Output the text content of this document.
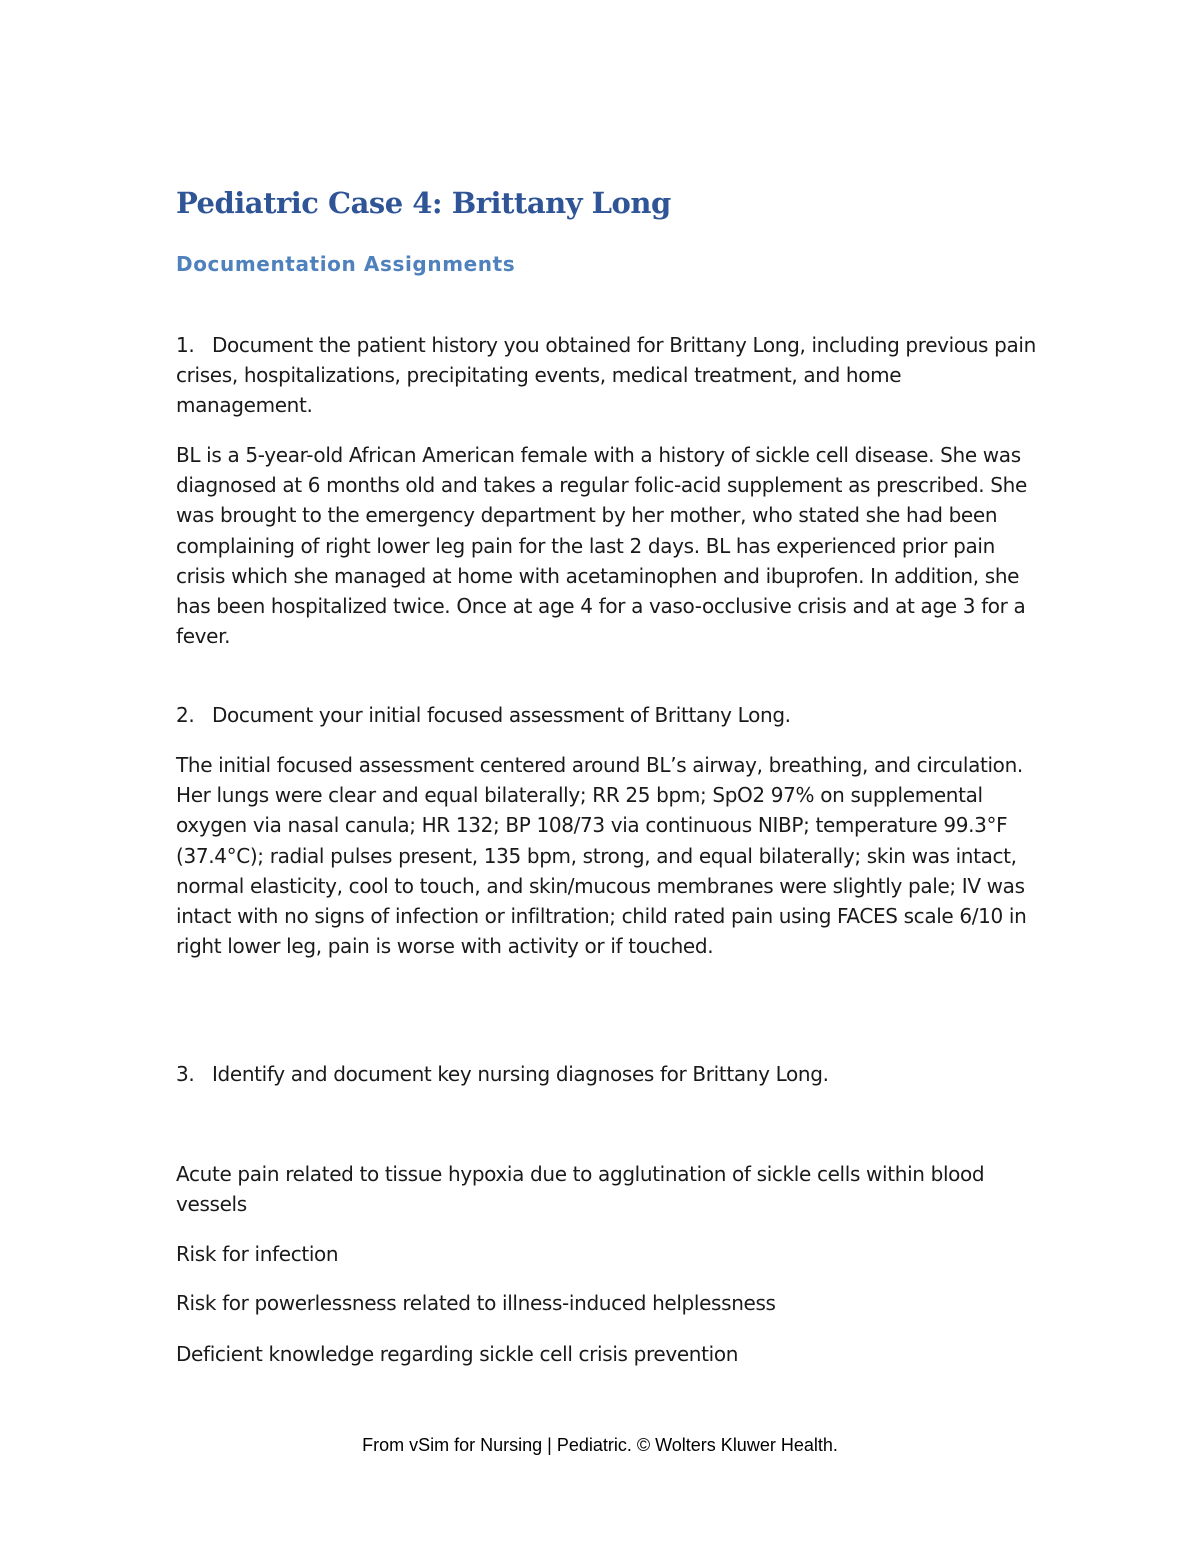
Pediatric Case 4: Brittany Long
Documentation Assignments

1. Document the patient history you obtained for Brittany Long, including previous pain crises, hospitalizations, precipitating events, medical treatment, and home management.

BL is a 5-year-old African American female with a history of sickle cell disease. She was diagnosed at 6 months old and takes a regular folic-acid supplement as prescribed. She was brought to the emergency department by her mother, who stated she had been complaining of right lower leg pain for the last 2 days. BL has experienced prior pain crisis which she managed at home with acetaminophen and ibuprofen. In addition, she has been hospitalized twice. Once at age 4 for a vaso-occlusive crisis and at age 3 for a fever.

2. Document your initial focused assessment of Brittany Long.

The initial focused assessment centered around BL’s airway, breathing, and circulation. Her lungs were clear and equal bilaterally; RR 25 bpm; SpO2 97% on supplemental oxygen via nasal canula; HR 132; BP 108/73 via continuous NIBP; temperature 99.3°F (37.4°C); radial pulses present, 135 bpm, strong, and equal bilaterally; skin was intact, normal elasticity, cool to touch, and skin/mucous membranes were slightly pale; IV was intact with no signs of infection or infiltration; child rated pain using FACES scale 6/10 in right lower leg, pain is worse with activity or if touched.

3. Identify and document key nursing diagnoses for Brittany Long.

Acute pain related to tissue hypoxia due to agglutination of sickle cells within blood vessels

Risk for infection

Risk for powerlessness related to illness-induced helplessness

Deficient knowledge regarding sickle cell crisis prevention

From vSim for Nursing | Pediatric. © Wolters Kluwer Health.
